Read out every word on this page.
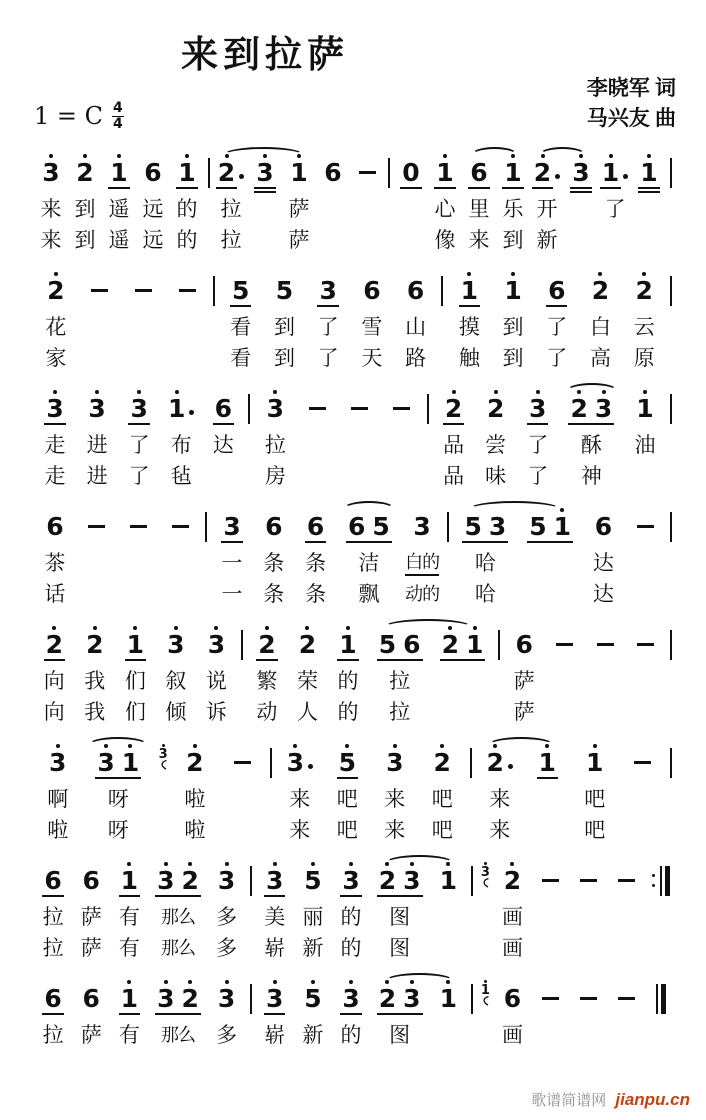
来到拉萨
1 = C $\frac{4}{4}$
李晓军 词
马兴友 曲
3
来
来
2
到
到
1
遥
遥
6
远
远
1
的
的
2
拉
拉
3 1
萨
萨
6 0 1
心
像
6
里
来
1
乐
到
2
开
新
3 1
了
1
2
花
家
5
看
看
5
到
到
3
了
了
6
雪
天
6
山
路
1
摸
触
1
到
到
6
了
了
2
白
高
2
云
原
3
走
走
3
进
进
3
了
了
1
布
毡
6
达
3
拉
房
2
品
品
2
尝
味
3
了
了
2 3
酥
神
1
油
6
茶
话
3
一
一
6
条
条
6
条
条
6 5
洁
飘
3
白的
动的
5 3
哈
哈
5 1 6
达
达
2
向
向
2
我
我
1
们
们
3
叙
倾
3
说
诉
2
繁
动
2
荣
人
1
的
的
5 6
拉
拉
2 1 6
萨
萨
3
啊
啦
3 1
呀
呀
3 2
啦
啦
3
来
来
5
吧
吧
3
来
来
2
吧
吧
2
来
来
1 1
吧
吧
6
拉
拉
6
萨
萨
1
有
有
3 2
那么
那么
3
多
多
3
美
崭
5
丽
新
3
的
的
2 3
图
图
1 3 2
画
画
6
拉
6
萨
1
有
3 2
那么
3
多
3
崭
5
新
3
的
2 3
图
1 1 6
画
歌谱简谱网 jianpu.cn
